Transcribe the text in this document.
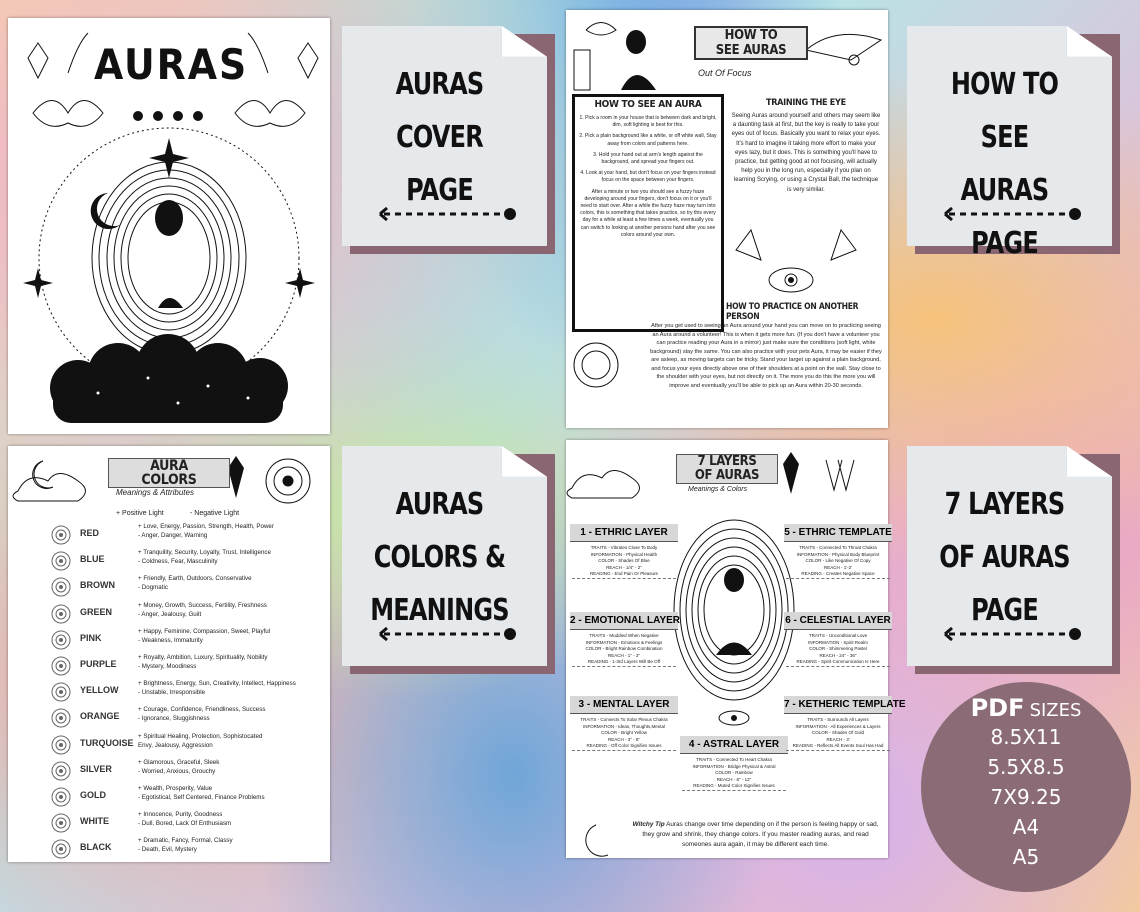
AURAS	AURAS
COVER
PAGE
HOW TO SEE
AURAS
PAGE
AURAS
COLORS &
MEANINGS
7 LAYERS
OF AURAS
PAGE
HOW TO
SEE AURAS
Out Of Focus
HOW TO SEE AN AURA

1. Pick a room in your house that is between dark and bright, dim, soft lighting is best for this.

2. Pick a plain background like a white, or off white wall, Stay away from colors and patterns here.

3. Hold your hand out at arm's length against the background, and spread your fingers out.

4. Look at your hand, but don't focus on your fingers instead focus on the space between your fingers.

After a minute or two you should see a fuzzy haze developing around your fingers, don't focus on it or you'll need to start over. After a while the fuzzy haze may turn into colors, this is something that takes practice, so try this every day for a while at least a few times a week, eventually you can switch to looking at another persons hand after you see colors around your own.

TRAINING THE EYE
Seeing Auras around yourself and others may seem like a daunting task at first, but the key is really to take your eyes out of focus. Basically you want to relax your eyes. It's hard to imagine it taking more effort to make your eyes lazy, but it does. This is something you'll have to practice, but getting good at not focusing, will actually help you in the long run, especially if you plan on learning Scrying, or using a Crystal Ball, the technique is very similar.
HOW TO PRACTICE ON ANOTHER PERSON
After you get used to seeing an Aura around your hand you can move on to practicing seeing an Aura around a volunteer! This is when it gets more fun. (If you don't have a volunteer you can practice reading your Aura in a mirror) just make sure the conditions (soft light, white background) stay the same. You can also practice with your pets Aura, it may be easier if they are asleep, as moving targets can be tricky. Stand your target up against a plain background, and focus your eyes directly above one of their shoulders at a point on the wall. Stay close to the shoulder with your eyes, but not directly on it. The more you do this the more you will improve and eventually you'll be able to pick up an Aura within 20-30 seconds.
AURA
COLORS
Meanings & Attributes
+ Positive Light	- Negative Light
RED
+ Love, Energy, Passion, Strength, Health, Power
- Anger, Danger, Warning
BLUE
+ Tranquility, Security, Loyalty, Trust, Intelligence
- Coldness, Fear, Masculinity
BROWN
+ Friendly, Earth, Outdoors, Conservative
- Dogmatic
GREEN
+ Money, Growth, Success, Fertility, Freshness
- Anger, Jealousy, Guilt
PINK
+ Happy, Feminine, Compassion, Sweet, Playful
- Weakness, Immaturity
PURPLE
+ Royalty, Ambition, Luxury, Spirituality, Nobility
- Mystery, Moodiness
YELLOW
+ Brightness, Energy, Sun, Creativity, Intellect, Happiness
- Unstable, Irresponsible
ORANGE
+ Courage, Confidence, Friendliness, Success
- Ignorance, Sluggishness
TURQUOISE
+ Spiritual Healing, Protection, Sophistocated
Envy, Jealousy, Aggression
SILVER
+ Glamorous, Graceful, Sleek
- Worried, Anxious, Grouchy
GOLD
+ Wealth, Prosperity, Value
- Egotistical, Self Centered, Finance Problems
WHITE
+ Innocence, Purity, Goodness
- Dull, Bored, Lack Of Enthusiasm
BLACK
+ Dramatic, Fancy, Formal, Classy
- Death, Evil, Mystery
7 LAYERS
OF AURAS
Meanings & Colors
Witchy Tip Auras change over time depending on if the person is feeling happy or sad, they grow and shrink, they change colors. If you master reading auras, and read someones aura again, it may be different each time.
1 - ETHRIC LAYER
TRAITS - Vibrates Close To Body
INFORMATION - Physical Health
COLOR - Shades Of Blue
REACH - 1/4" - 2"
READING - End Pain Or Pleasure
2 - EMOTIONAL LAYER
TRAITS - Muddied When Negative
INFORMATION - Emotions & Feelings
COLOR - Bright Rainbow Combination
REACH - 1" - 3"
READING - 1-3rd Layers Will Be Off
3 - MENTAL LAYER
TRAITS - Connects To Solar Plexus Chakra
INFORMATION - Ideas, Thoughts,Mental
COLOR - Bright Yellow
REACH - 3" - 8"
READING - Off Color Signifies Issues	4 - ASTRAL LAYER
TRAITS - Connected To Heart Chakra
INFORMATION - Bridge Physical & Astral
COLOR - Rainbow
REACH - 8" - 12"
READING - Muted Color Signifies Issues
5 - ETHRIC TEMPLATE
TRAITS - Connected To Throat Chakra
INFORMATION - Physical Body Blueprint
COLOR - Like Negative Of Copy
REACH - 1'-2'
READING - Creates Negative Space
6 - CELESTIAL LAYER
TRAITS - Unconditional Love
INFORMATION - Spirit Realm
COLOR - Shimmering Pastel
REACH - 24" - 36"
READING - Spirit Communication Is Here
7 - KETHERIC TEMPLATE
TRAITS - Surrounds All Layers
INFORMATION - All Experiences & Layers
COLOR - Shades Of Gold
REACH - 3'
READING - Reflects All Events Soul Has Had
PDF SIZES
8.5X11
5.5X8.5
7X9.25
A4
A5
